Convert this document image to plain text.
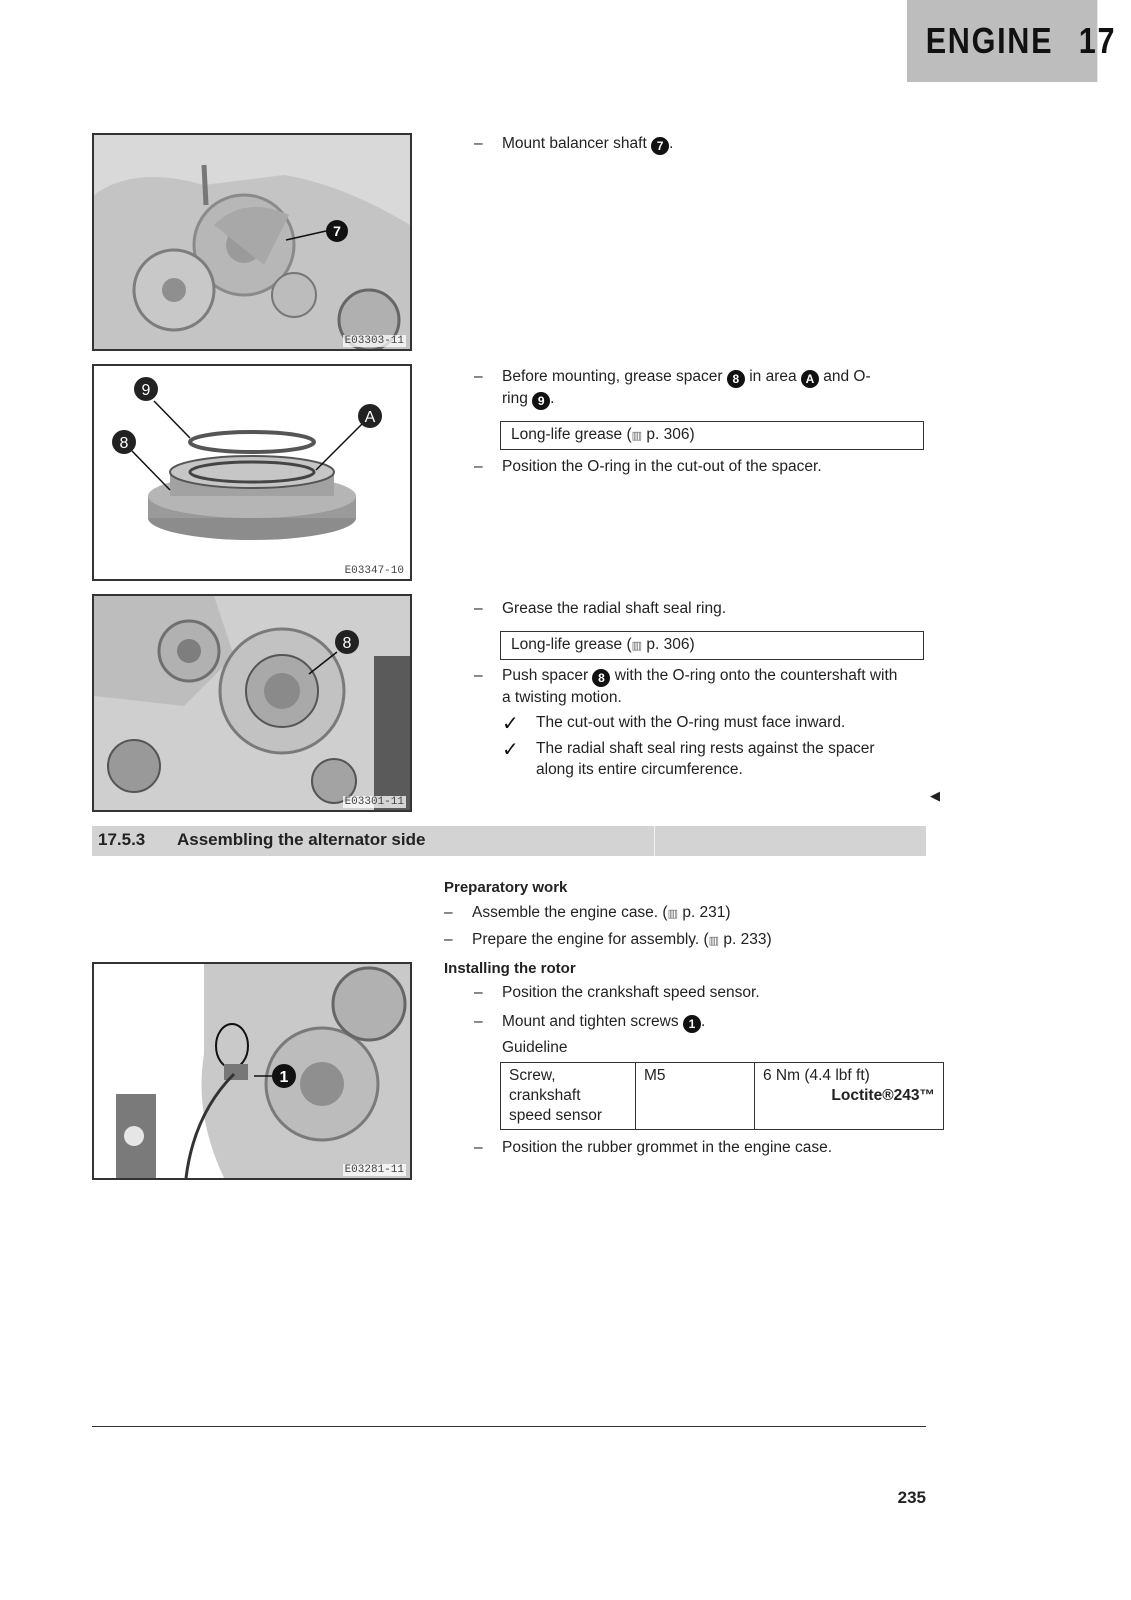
ENGINE 17
7
E03303-11
9
A
8
E03347-10
8
E03301-11
1
E03281-11
– Mount balancer shaft 7 .
– Before mounting, grease spacer 8 in area A and O-
ring 9 .
Long-life grease (▥ p. 306)
– Position the O-ring in the cut-out of the spacer.
– Grease the radial shaft seal ring.
Long-life grease (▥ p. 306)
– Push spacer 8 with the O-ring onto the countershaft with
a twisting motion.
✓ The cut-out with the O-ring must face inward.
✓ The radial shaft seal ring rests against the spacer
along its entire circumference.
◀
17.5.3 Assembling the alternator side
Preparatory work
– Assemble the engine case. (▥ p. 231)
– Prepare the engine for assembly. (▥ p. 233)
Installing the rotor
– Position the crankshaft speed sensor.
– Mount and tighten screws 1 .
Guideline
Screw,
crankshaft
speed sensor	M5	6 Nm (4.4 lbf ft)
Loctite®243™
– Position the rubber grommet in the engine case.
235
